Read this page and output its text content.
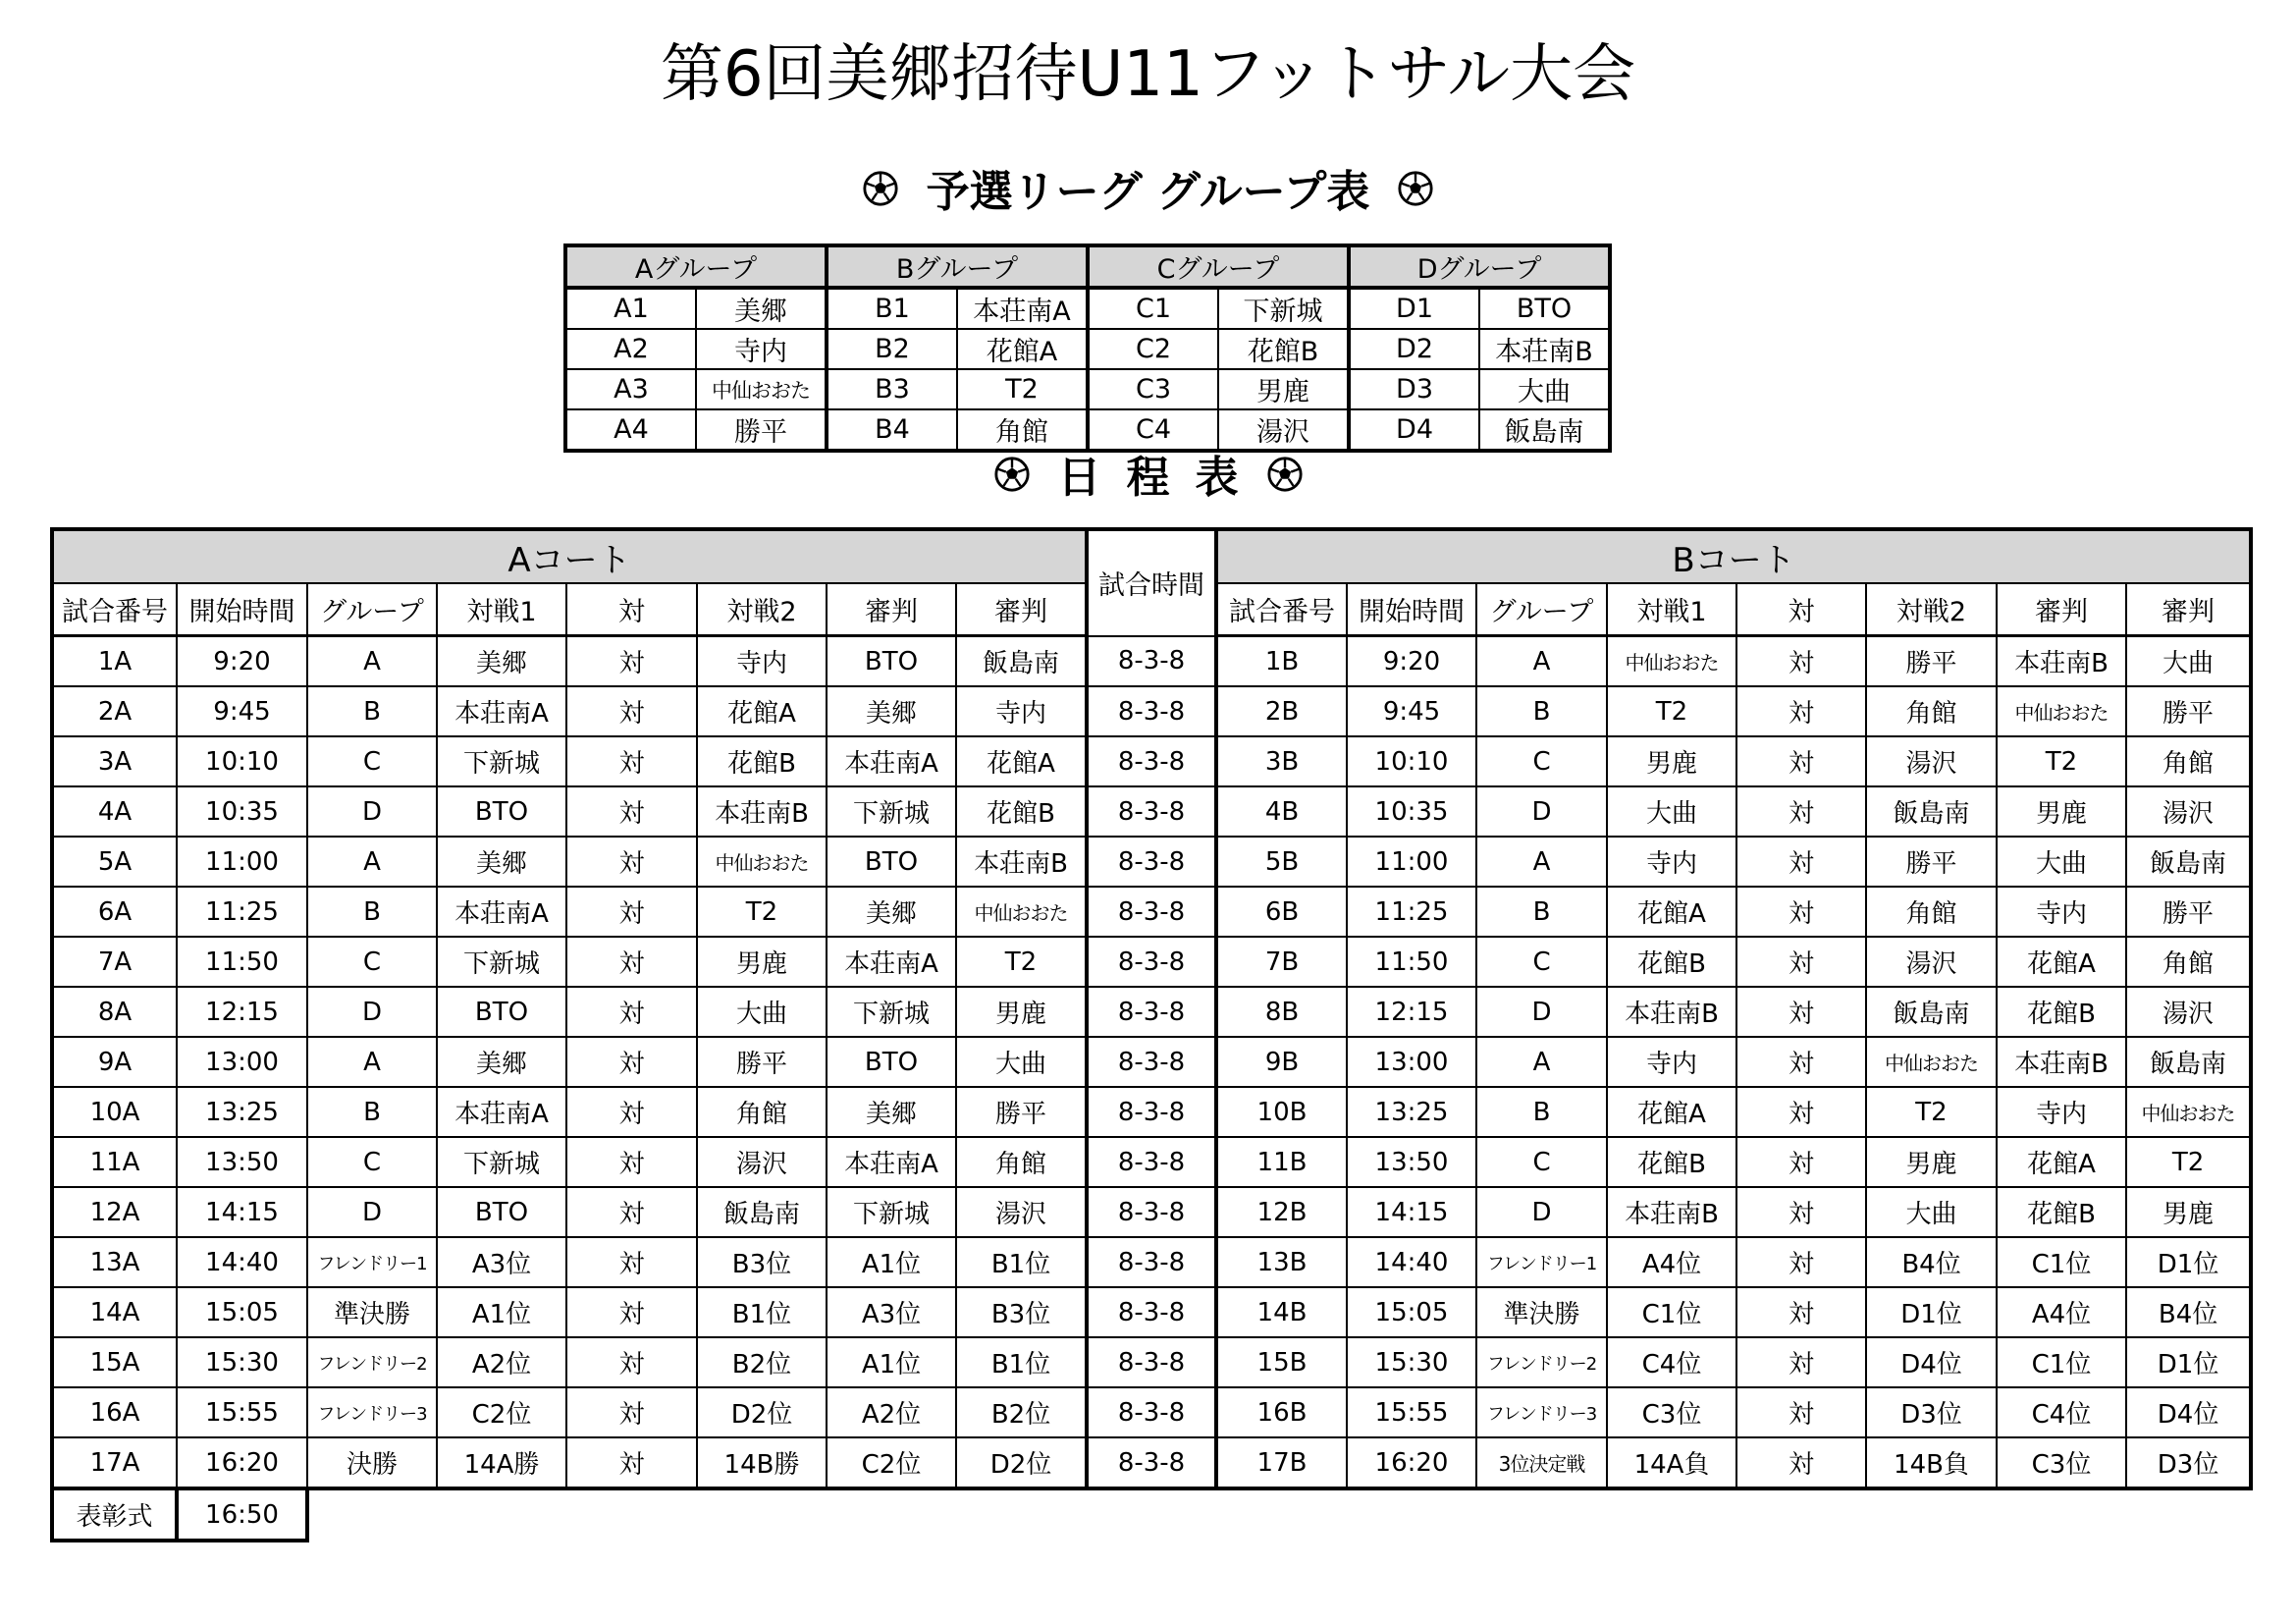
第6回美郷招待U11フットサル大会
予選リーグ グループ表
Aグループ		Bグループ		Cグループ		Dグループ	
A1	美郷	B1	本荘南A	C1	下新城	D1	BTO
A2	寺内	B2	花館A	C2	花館B	D2	本荘南B
A3	中仙おおた	B3	T2	C3	男鹿	D3	大曲
A4	勝平	B4	角館	C4	湯沢	D4	飯島南
日程表
Aコート								試合時間	Bコート							
試合番号	開始時間	グループ	対戦1	対	対戦2	審判	審判		試合番号	開始時間	グループ	対戦1	対	対戦2	審判	審判
1A	9:20	A	美郷	対	寺内	BTO	飯島南	8-3-8	1B	9:20	A	中仙おおた	対	勝平	本荘南B	大曲
2A	9:45	B	本荘南A	対	花館A	美郷	寺内	8-3-8	2B	9:45	B	T2	対	角館	中仙おおた	勝平
3A	10:10	C	下新城	対	花館B	本荘南A	花館A	8-3-8	3B	10:10	C	男鹿	対	湯沢	T2	角館
4A	10:35	D	BTO	対	本荘南B	下新城	花館B	8-3-8	4B	10:35	D	大曲	対	飯島南	男鹿	湯沢
5A	11:00	A	美郷	対	中仙おおた	BTO	本荘南B	8-3-8	5B	11:00	A	寺内	対	勝平	大曲	飯島南
6A	11:25	B	本荘南A	対	T2	美郷	中仙おおた	8-3-8	6B	11:25	B	花館A	対	角館	寺内	勝平
7A	11:50	C	下新城	対	男鹿	本荘南A	T2	8-3-8	7B	11:50	C	花館B	対	湯沢	花館A	角館
8A	12:15	D	BTO	対	大曲	下新城	男鹿	8-3-8	8B	12:15	D	本荘南B	対	飯島南	花館B	湯沢
9A	13:00	A	美郷	対	勝平	BTO	大曲	8-3-8	9B	13:00	A	寺内	対	中仙おおた	本荘南B	飯島南
10A	13:25	B	本荘南A	対	角館	美郷	勝平	8-3-8	10B	13:25	B	花館A	対	T2	寺内	中仙おおた
11A	13:50	C	下新城	対	湯沢	本荘南A	角館	8-3-8	11B	13:50	C	花館B	対	男鹿	花館A	T2
12A	14:15	D	BTO	対	飯島南	下新城	湯沢	8-3-8	12B	14:15	D	本荘南B	対	大曲	花館B	男鹿
13A	14:40	フレンドリー1	A3位	対	B3位	A1位	B1位	8-3-8	13B	14:40	フレンドリー1	A4位	対	B4位	C1位	D1位
14A	15:05	準決勝	A1位	対	B1位	A3位	B3位	8-3-8	14B	15:05	準決勝	C1位	対	D1位	A4位	B4位
15A	15:30	フレンドリー2	A2位	対	B2位	A1位	B1位	8-3-8	15B	15:30	フレンドリー2	C4位	対	D4位	C1位	D1位
16A	15:55	フレンドリー3	C2位	対	D2位	A2位	B2位	8-3-8	16B	15:55	フレンドリー3	C3位	対	D3位	C4位	D4位
17A	16:20	決勝	14A勝	対	14B勝	C2位	D2位	8-3-8	17B	16:20	3位決定戦	14A負	対	14B負	C3位	D3位
表彰式	16:50															
